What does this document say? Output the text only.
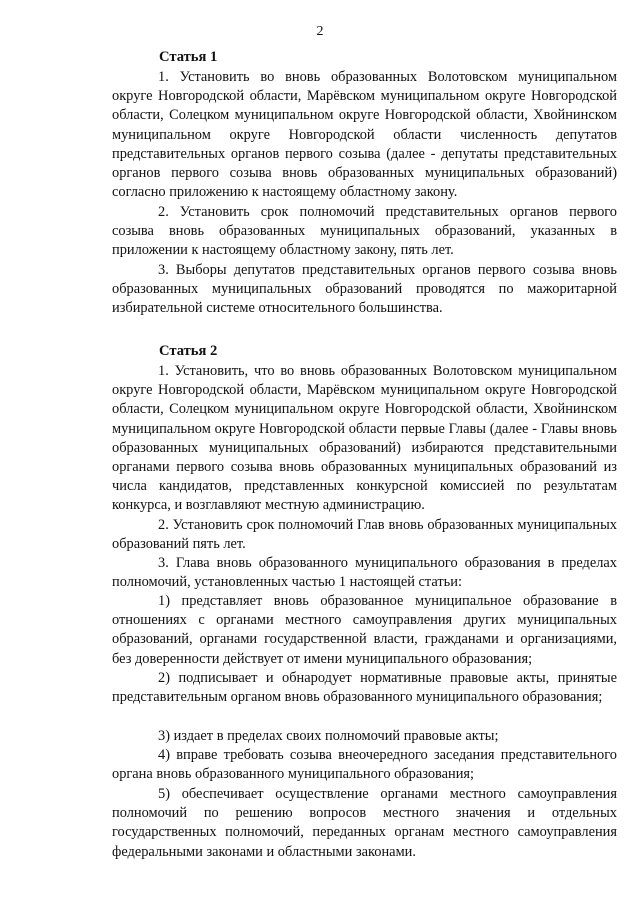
2
Статья 1

1. Установить во вновь образованных Волотовском муниципальном округе Новгородской области, Марёвском муниципальном округе Новгородской области, Солецком муниципальном округе Новгородской области, Хвойнинском муниципальном округе Новгородской области численность депутатов представительных органов первого созыва (далее - депутаты представительных органов первого созыва вновь образованных муниципальных образований) согласно приложению к настоящему областному закону.

2. Установить срок полномочий представительных органов первого созыва вновь образованных муниципальных образований, указанных в приложении к настоящему областному закону, пять лет.

3. Выборы депутатов представительных органов первого созыва вновь образованных муниципальных образований проводятся по мажоритарной избирательной системе относительного большинства.

Статья 2

1. Установить, что во вновь образованных Волотовском муниципальном округе Новгородской области, Марёвском муниципальном округе Новгородской области, Солецком муниципальном округе Новгородской области, Хвойнинском муниципальном округе Новгородской области первые Главы (далее - Главы вновь образованных муниципальных образований) избираются представительными органами первого созыва вновь образованных муниципальных образований из числа кандидатов, представленных конкурсной комиссией по результатам конкурса, и возглавляют местную администрацию.

2. Установить срок полномочий Глав вновь образованных муниципальных образований пять лет.

3. Глава вновь образованного муниципального образования в пределах полномочий, установленных частью 1 настоящей статьи:

1) представляет вновь образованное муниципальное образование в отношениях с органами местного самоуправления других муниципальных образований, органами государственной власти, гражданами и организациями, без доверенности действует от имени муниципального образования;

2) подписывает и обнародует нормативные правовые акты, принятые представительным органом вновь образованного муниципального образования;

3) издает в пределах своих полномочий правовые акты;

4) вправе требовать созыва внеочередного заседания представительного органа вновь образованного муниципального образования;

5) обеспечивает осуществление органами местного самоуправления полномочий по решению вопросов местного значения и отдельных государственных полномочий, переданных органам местного самоуправления федеральными законами и областными законами.
